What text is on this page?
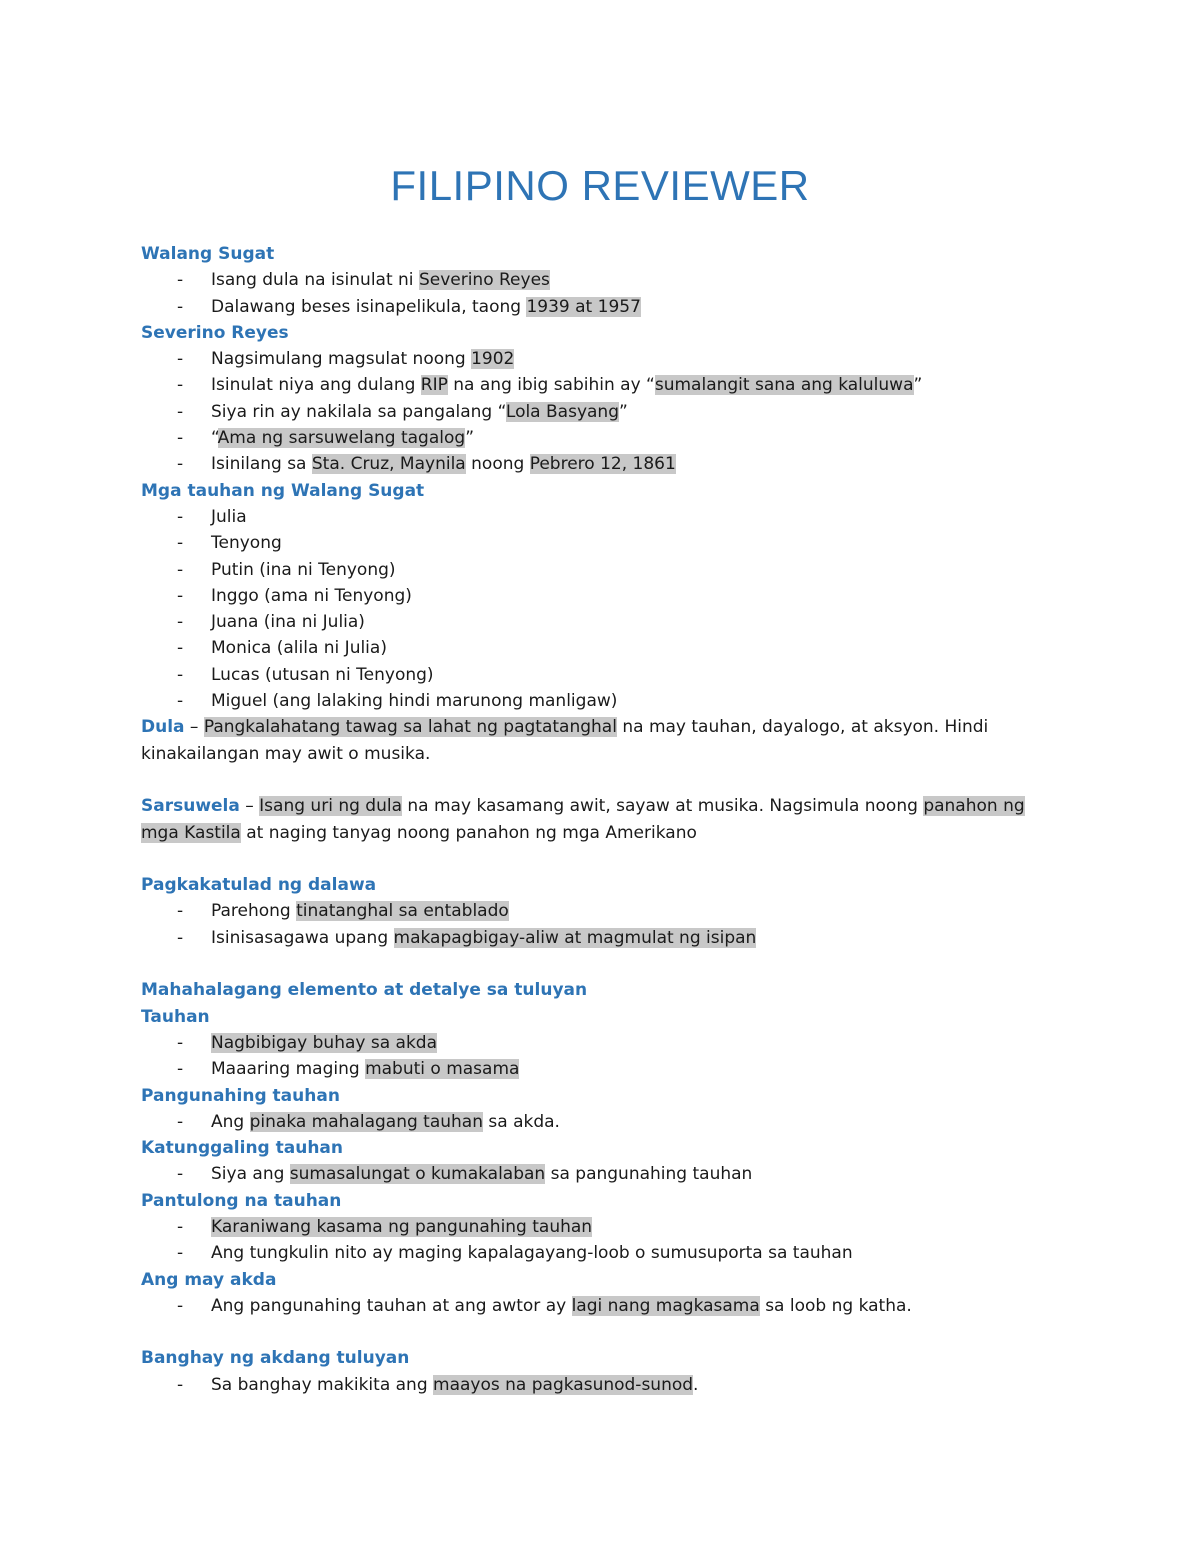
FILIPINO REVIEWER

Walang Sugat

- Isang dula na isinulat ni Severino Reyes

- Dalawang beses isinapelikula, taong 1939 at 1957

Severino Reyes

- Nagsimulang magsulat noong 1902

- Isinulat niya ang dulang RIP na ang ibig sabihin ay “sumalangit sana ang kaluluwa”

- Siya rin ay nakilala sa pangalang “Lola Basyang”

- “Ama ng sarsuwelang tagalog”

- Isinilang sa Sta. Cruz, Maynila noong Pebrero 12, 1861

Mga tauhan ng Walang Sugat

- Julia

- Tenyong

- Putin (ina ni Tenyong)

- Inggo (ama ni Tenyong)

- Juana (ina ni Julia)

- Monica (alila ni Julia)

- Lucas (utusan ni Tenyong)

- Miguel (ang lalaking hindi marunong manligaw)

Dula – Pangkalahatang tawag sa lahat ng pagtatanghal na may tauhan, dayalogo, at aksyon. Hindi kinakailangan may awit o musika.

Sarsuwela – Isang uri ng dula na may kasamang awit, sayaw at musika. Nagsimula noong panahon ng mga Kastila at naging tanyag noong panahon ng mga Amerikano

Pagkakatulad ng dalawa

- Parehong tinatanghal sa entablado

- Isinisasagawa upang makapagbigay-aliw at magmulat ng isipan

Mahahalagang elemento at detalye sa tuluyan

Tauhan

- Nagbibigay buhay sa akda

- Maaaring maging mabuti o masama

Pangunahing tauhan

- Ang pinaka mahalagang tauhan sa akda.

Katunggaling tauhan

- Siya ang sumasalungat o kumakalaban sa pangunahing tauhan

Pantulong na tauhan

- Karaniwang kasama ng pangunahing tauhan

- Ang tungkulin nito ay maging kapalagayang-loob o sumusuporta sa tauhan

Ang may akda

- Ang pangunahing tauhan at ang awtor ay lagi nang magkasama sa loob ng katha.

Banghay ng akdang tuluyan

- Sa banghay makikita ang maayos na pagkasunod-sunod.
